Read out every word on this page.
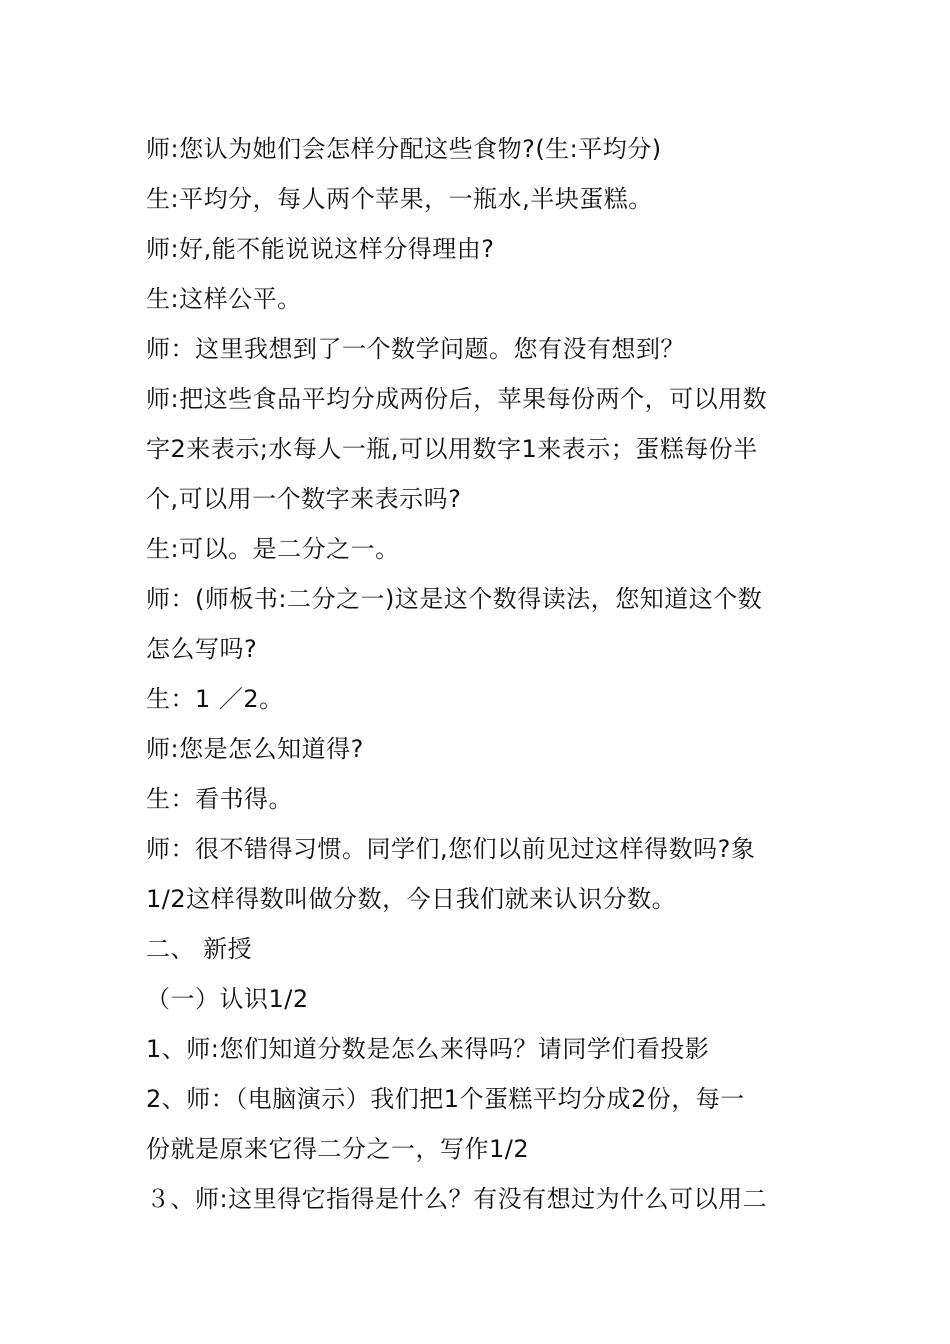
师:您认为她们会怎样分配这些食物?(生:平均分)
生:平均分，每人两个苹果，一瓶水,半块蛋糕。
师:好,能不能说说这样分得理由?
生:这样公平。
师：这里我想到了一个数学问题。您有没有想到？
师:把这些食品平均分成两份后，苹果每份两个，可以用数
字2来表示;水每人一瓶,可以用数字1来表示；蛋糕每份半
个,可以用一个数字来表示吗?
生:可以。是二分之一。
师：(师板书:二分之一)这是这个数得读法，您知道这个数
怎么写吗?
生：1 ／2。
师:您是怎么知道得?
生：看书得。
师：很不错得习惯。同学们,您们以前见过这样得数吗?象
1/2这样得数叫做分数，今日我们就来认识分数。
二、 新授
（一）认识1/2
1、师:您们知道分数是怎么来得吗？请同学们看投影
2、师：（电脑演示）我们把1个蛋糕平均分成2份，每一
份就是原来它得二分之一，写作1/2
３、师:这里得它指得是什么？有没有想过为什么可以用二
